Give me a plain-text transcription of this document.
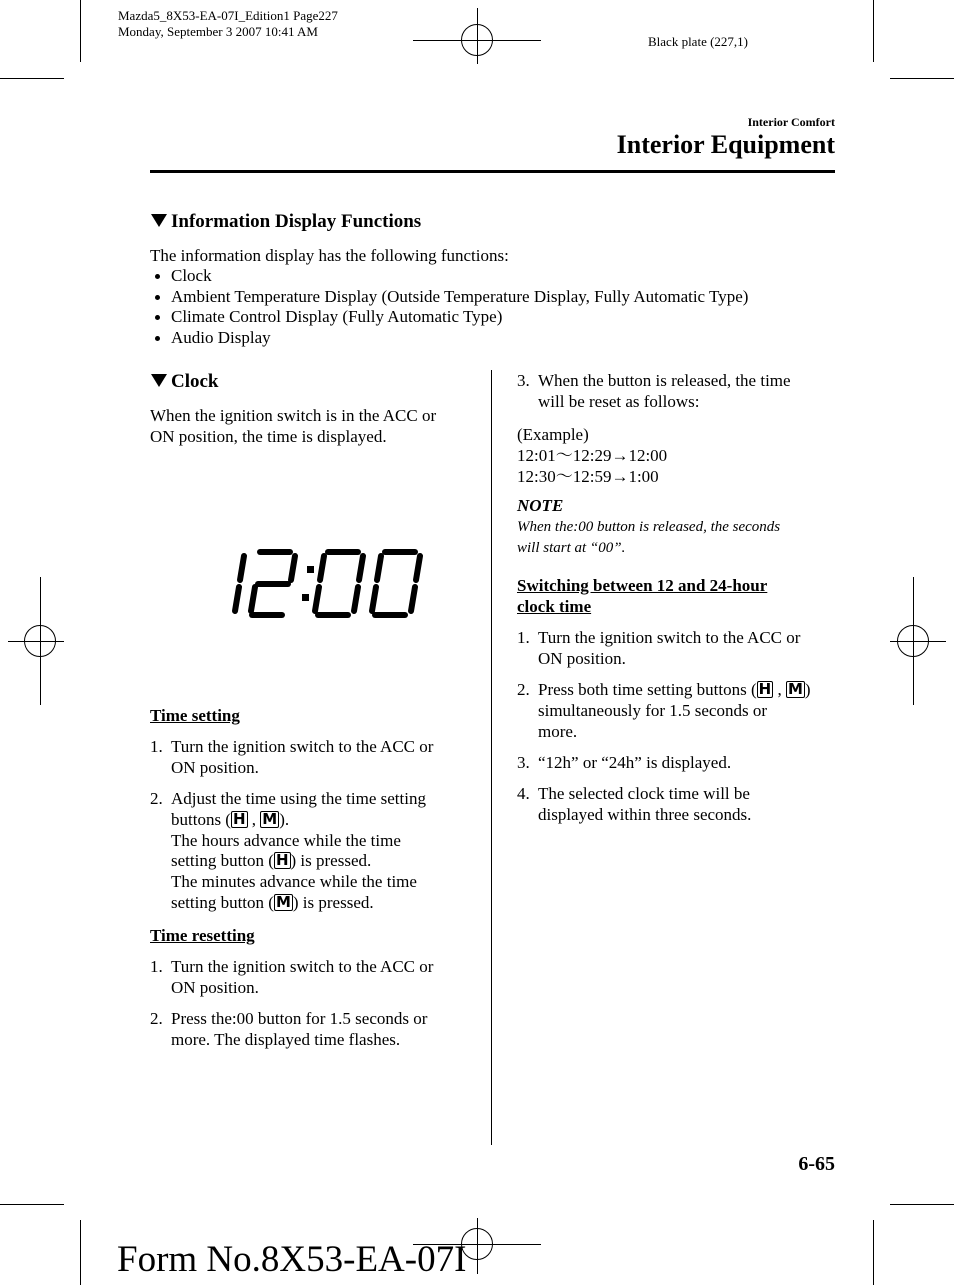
Mazda5_8X53-EA-07I_Edition1 Page227
Monday, September 3 2007 10:41 AM
Black plate (227,1)
Interior Comfort
Interior Equipment
Information Display Functions
The information display has the following functions:
Clock
Ambient Temperature Display (Outside Temperature Display, Fully Automatic Type)
Climate Control Display (Fully Automatic Type)
Audio Display
Clock
When the ignition switch is in the ACC or
ON position, the time is displayed.
Time setting
1. Turn the ignition switch to the ACC or
ON position.
2. Adjust the time using the time setting
buttons ( H , M ).
The hours advance while the time
setting button ( H ) is pressed.
The minutes advance while the time
setting button ( M ) is pressed.
Time resetting
1. Turn the ignition switch to the ACC or
ON position.
2. Press the:00 button for 1.5 seconds or
more. The displayed time flashes.
3. When the button is released, the time
will be reset as follows:
(Example)
12:01～12:29→12:00
12:30～12:59→1:00
NOTE
When the:00 button is released, the seconds
will start at “00”.
Switching between 12 and 24-hour
clock time
1. Turn the ignition switch to the ACC or
ON position.
2. Press both time setting buttons ( H , M )
simultaneously for 1.5 seconds or
more.
3. “12h” or “24h” is displayed.
4. The selected clock time will be
displayed within three seconds.
6-65
Form No.8X53-EA-07I
